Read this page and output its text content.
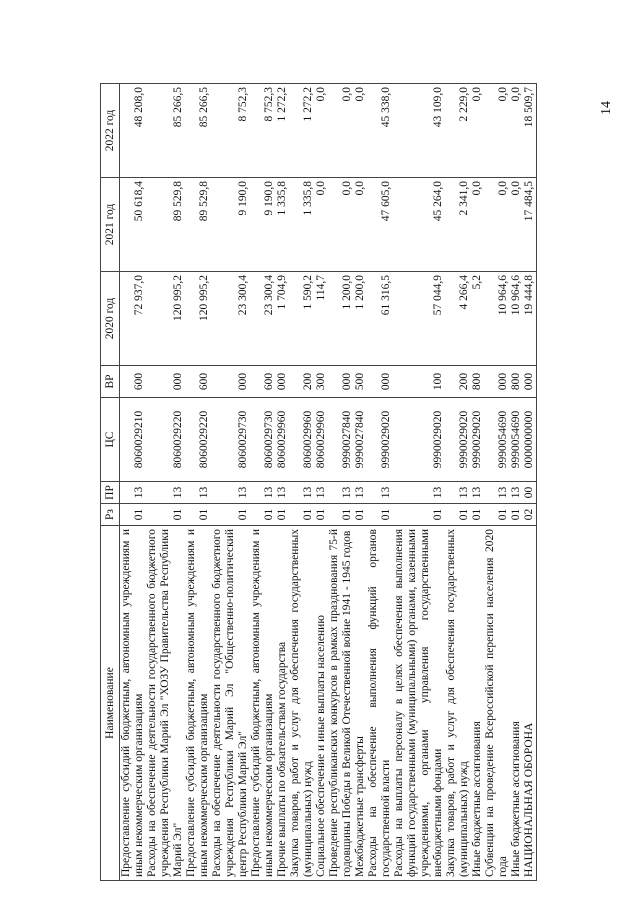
14
Наименование	Рз	ПР	ЦС	ВР	2020 год	2021 год	2022 год
Предоставление субсидий бюджетным, автономным учреждениям и иным некоммерческим организациям	01	13	8060029210	600	72 937,0	50 618,4	48 208,0
Расходы на обеспечение деятельности государственного бюджетного учреждения Республики Марий Эл "ХОЗУ Правительства Республики Марий Эл"	01	13	8060029220	000	120 995,2	89 529,8	85 266,5
Предоставление субсидий бюджетным, автономным учреждениям и иным некоммерческим организациям	01	13	8060029220	600	120 995,2	89 529,8	85 266,5
Расходы на обеспечение деятельности государственного бюджетного учреждения Республики Марий Эл "Общественно-политический центр Республики Марий Эл"	01	13	8060029730	000	23 300,4	9 190,0	8 752,3
Предоставление субсидий бюджетным, автономным учреждениям и иным некоммерческим организациям	01	13	8060029730	600	23 300,4	9 190,0	8 752,3
Прочие выплаты по обязательствам государства	01	13	8060029960	000	1 704,9	1 335,8	1 272,2
Закупка товаров, работ и услуг для обеспечения государственных (муниципальных) нужд	01	13	8060029960	200	1 590,2	1 335,8	1 272,2
Социальное обеспечение и иные выплаты населению	01	13	8060029960	300	114,7	0,0	0,0
Проведение республиканских конкурсов в рамках празднования 75-й годовщины Победы в Великой Отечественной войне 1941 - 1945 годов	01	13	9990027840	000	1 200,0	0,0	0,0
Межбюджетные трансферты	01	13	9990027840	500	1 200,0	0,0	0,0
Расходы на обеспечение выполнения функций органов государственной власти	01	13	9990029020	000	61 316,5	47 605,0	45 338,0
Расходы на выплаты персоналу в целях обеспечения выполнения функций государственными (муниципальными) органами, казенными учреждениями, органами управления государственными внебюджетными фондами	01	13	9990029020	100	57 044,9	45 264,0	43 109,0
Закупка товаров, работ и услуг для обеспечения государственных (муниципальных) нужд	01	13	9990029020	200	4 266,4	2 341,0	2 229,0
Иные бюджетные ассигнования	01	13	9990029020	800	5,2	0,0	0,0
Субвенции на проведение Всероссийской переписи населения 2020 года	01	13	9990054690	000	10 964,6	0,0	0,0
Иные бюджетные ассигнования	01	13	9990054690	800	10 964,6	0,0	0,0
НАЦИОНАЛЬНАЯ ОБОРОНА	02	00	0000000000	000	19 444,8	17 484,5	18 509,7
